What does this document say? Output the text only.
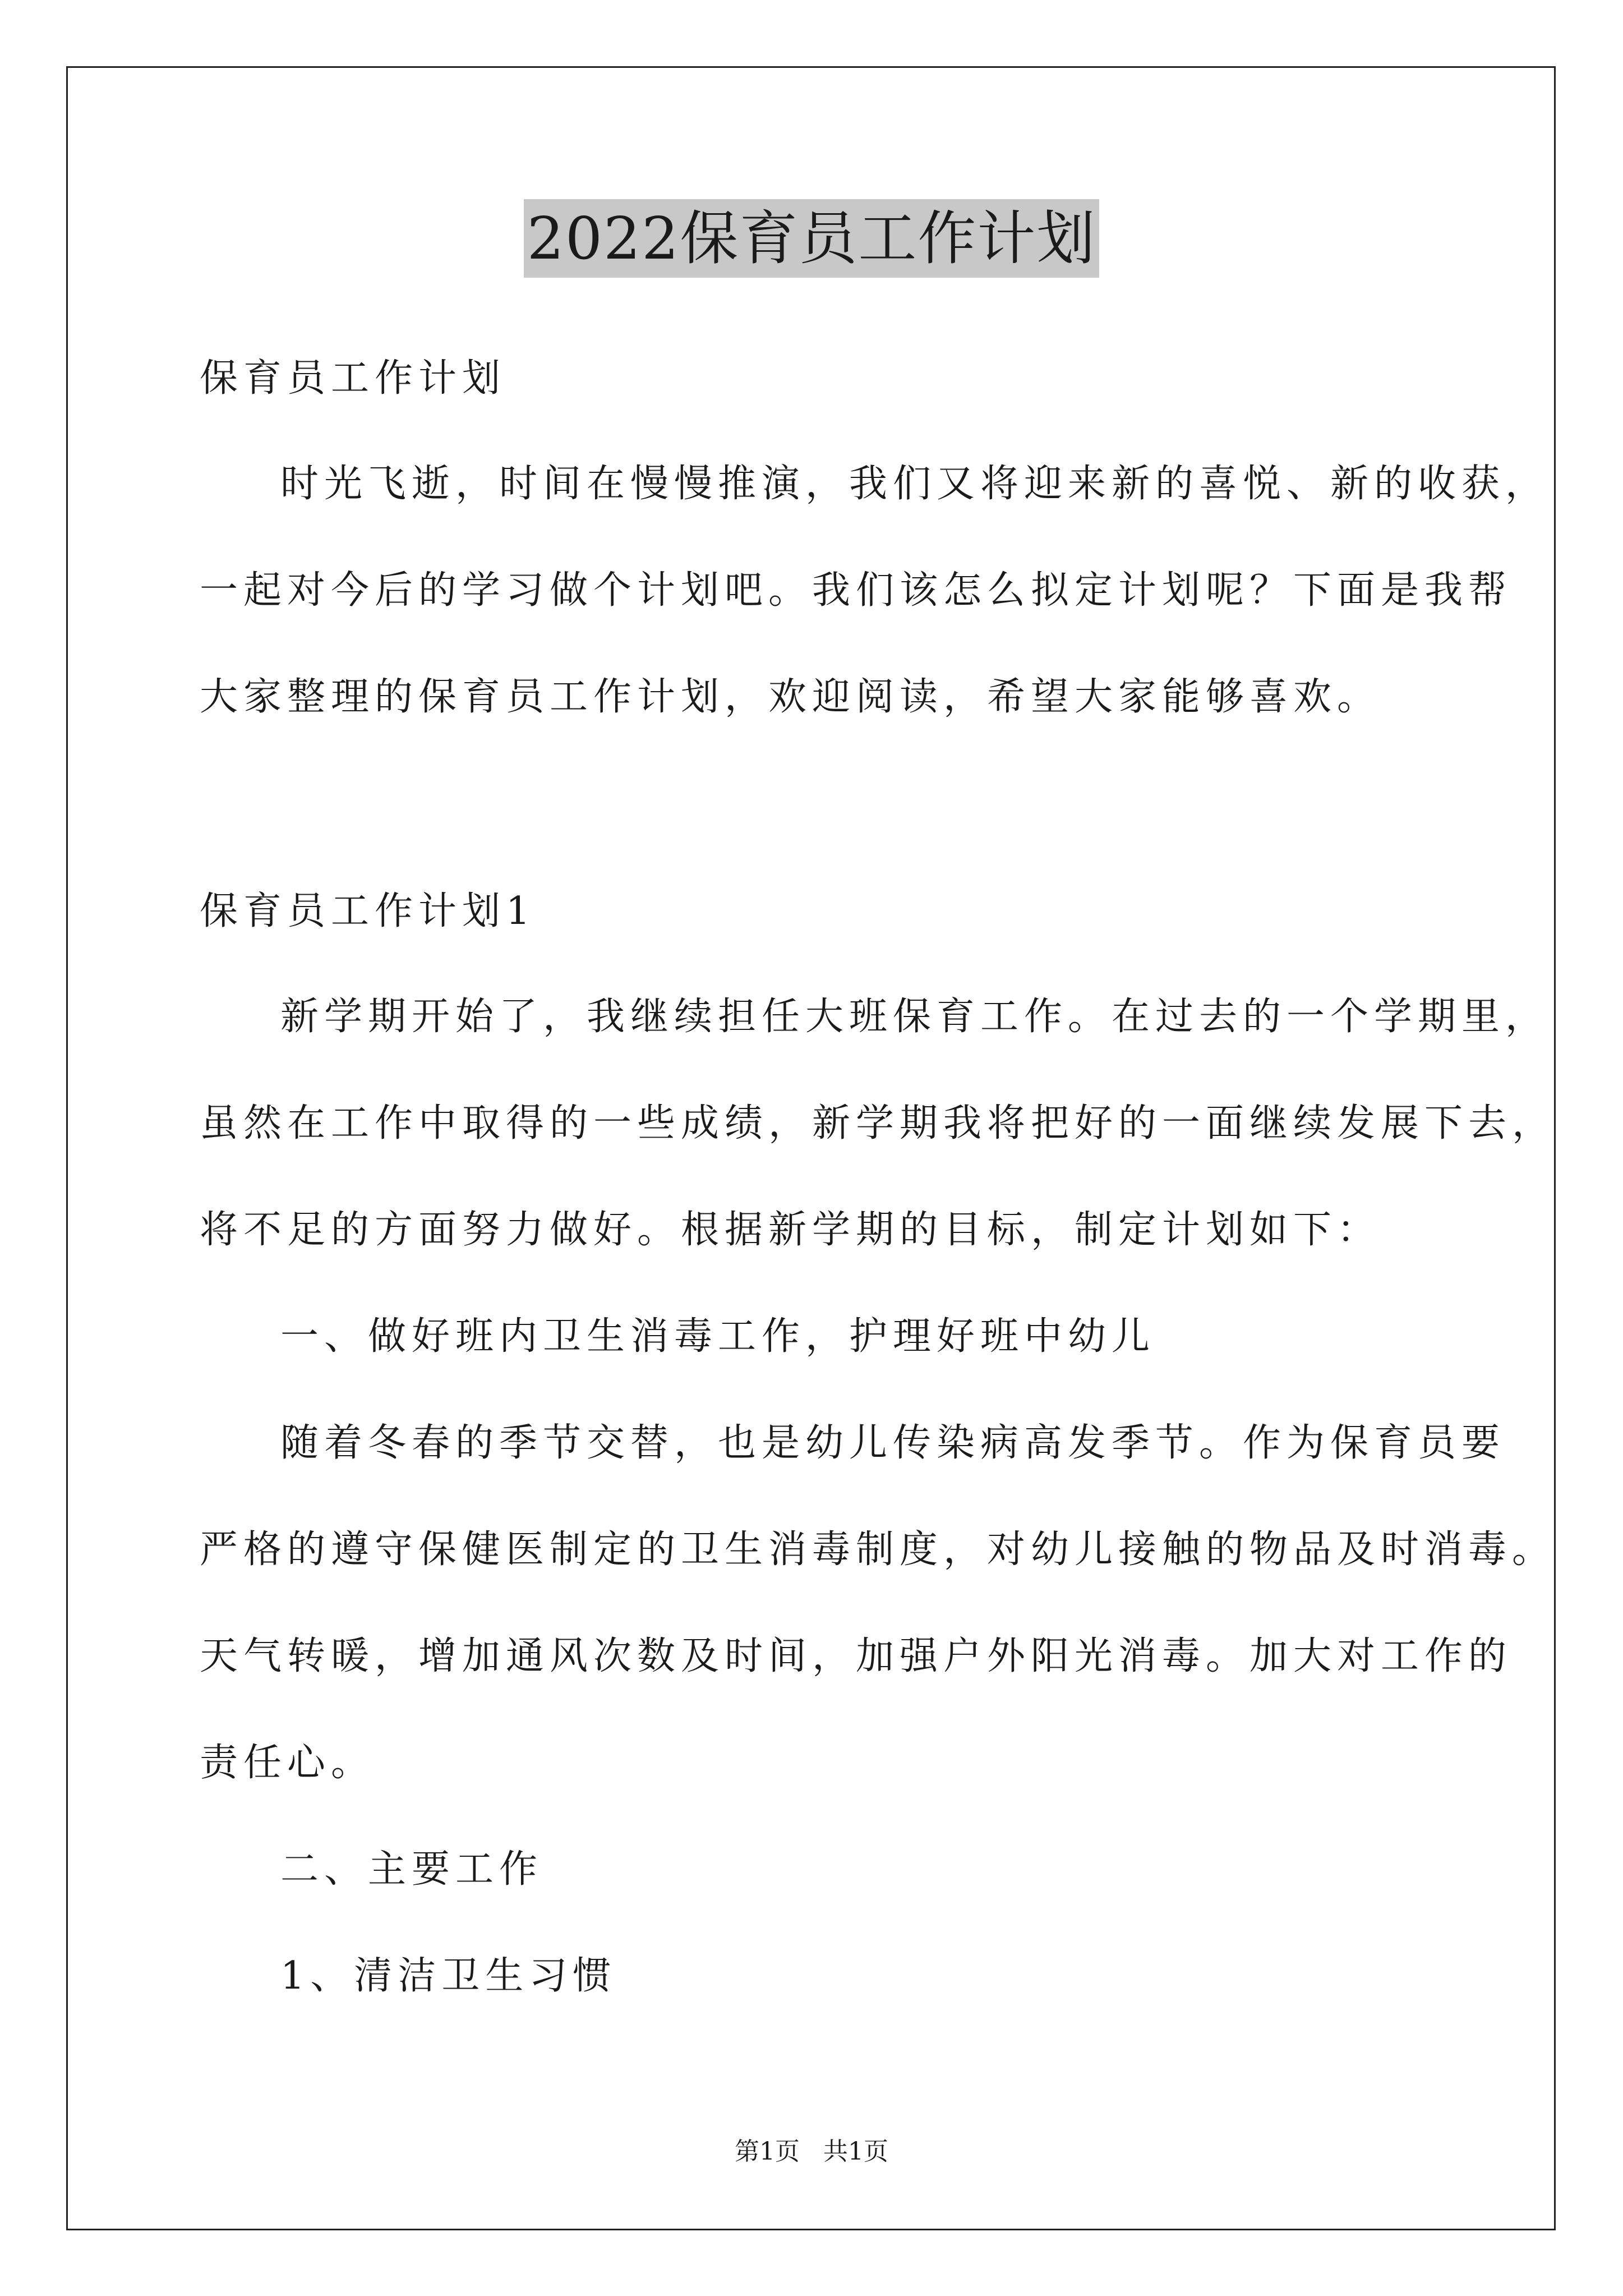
2022保育员工作计划
保育员工作计划
时光飞逝，时间在慢慢推演，我们又将迎来新的喜悦、新的收获，
一起对今后的学习做个计划吧。我们该怎么拟定计划呢？下面是我帮
大家整理的保育员工作计划，欢迎阅读，希望大家能够喜欢。
保育员工作计划1
新学期开始了，我继续担任大班保育工作。在过去的一个学期里，
虽然在工作中取得的一些成绩，新学期我将把好的一面继续发展下去，
将不足的方面努力做好。根据新学期的目标，制定计划如下：
一、做好班内卫生消毒工作，护理好班中幼儿
随着冬春的季节交替，也是幼儿传染病高发季节。作为保育员要
严格的遵守保健医制定的卫生消毒制度，对幼儿接触的物品及时消毒。
天气转暖，增加通风次数及时间，加强户外阳光消毒。加大对工作的
责任心。
二、主要工作
1、清洁卫生习惯
第1页   共1页
